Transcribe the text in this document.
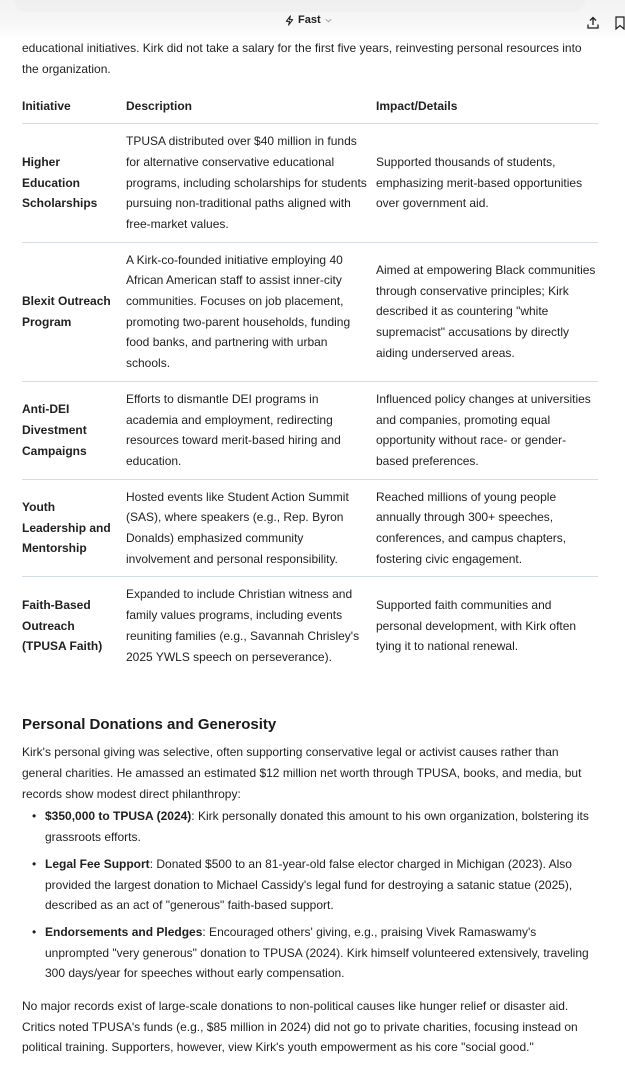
Fast

educational initiatives. Kirk did not take a salary for the first five years, reinvesting personal resources into the organization.

Initiative	Description	Impact/Details
Higher Education Scholarships	TPUSA distributed over $40 million in funds for alternative conservative educational programs, including scholarships for students pursuing non-traditional paths aligned with free-market values.	Supported thousands of students, emphasizing merit-based opportunities over government aid.
Blexit Outreach Program	A Kirk-co-founded initiative employing 40 African American staff to assist inner-city communities. Focuses on job placement, promoting two-parent households, funding food banks, and partnering with urban schools.	Aimed at empowering Black communities through conservative principles; Kirk described it as countering "white supremacist" accusations by directly aiding underserved areas.
Anti-DEI Divestment Campaigns	Efforts to dismantle DEI programs in academia and employment, redirecting resources toward merit-based hiring and education.	Influenced policy changes at universities and companies, promoting equal opportunity without race- or gender-based preferences.
Youth Leadership and Mentorship	Hosted events like Student Action Summit (SAS), where speakers (e.g., Rep. Byron Donalds) emphasized community involvement and personal responsibility.	Reached millions of young people annually through 300+ speeches, conferences, and campus chapters, fostering civic engagement.
Faith-Based Outreach (TPUSA Faith)	Expanded to include Christian witness and family values programs, including events reuniting families (e.g., Savannah Chrisley's 2025 YWLS speech on perseverance).	Supported faith communities and personal development, with Kirk often tying it to national renewal.
Personal Donations and Generosity

Kirk's personal giving was selective, often supporting conservative legal or activist causes rather than general charities. He amassed an estimated $12 million net worth through TPUSA, books, and media, but records show modest direct philanthropy:

• $350,000 to TPUSA (2024): Kirk personally donated this amount to his own organization, bolstering its grassroots efforts.
• Legal Fee Support: Donated $500 to an 81-year-old false elector charged in Michigan (2023). Also provided the largest donation to Michael Cassidy's legal fund for destroying a satanic statue (2025), described as an act of "generous" faith-based support.
• Endorsements and Pledges: Encouraged others' giving, e.g., praising Vivek Ramaswamy's unprompted "very generous" donation to TPUSA (2024). Kirk himself volunteered extensively, traveling 300 days/year for speeches without early compensation.

No major records exist of large-scale donations to non-political causes like hunger relief or disaster aid. Critics noted TPUSA's funds (e.g., $85 million in 2024) did not go to private charities, focusing instead on political training. Supporters, however, view Kirk's youth empowerment as his core "social good."
